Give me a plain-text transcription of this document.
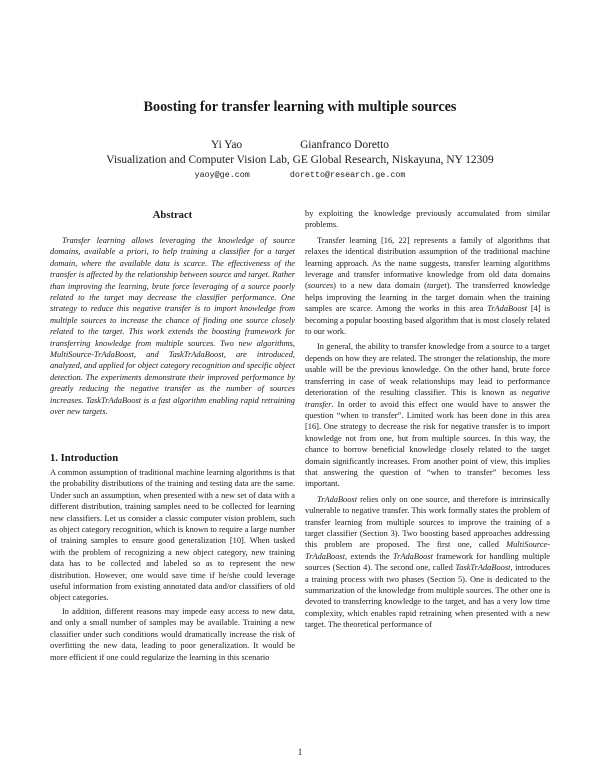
Boosting for transfer learning with multiple sources
Yi Yao	Gianfranco Doretto
Visualization and Computer Vision Lab, GE Global Research, Niskayuna, NY 12309
yaoy@ge.com	doretto@research.ge.com
Abstract

Transfer learning allows leveraging the knowledge of source domains, available a priori, to help training a classifier for a target domain, where the available data is scarce. The effectiveness of the transfer is affected by the relationship between source and target. Rather than improving the learning, brute force leveraging of a source poorly related to the target may decrease the classifier performance. One strategy to reduce this negative transfer is to import knowledge from multiple sources to increase the chance of finding one source closely related to the target. This work extends the boosting framework for transferring knowledge from multiple sources. Two new algorithms, MultiSource-TrAdaBoost, and TaskTrAdaBoost, are introduced, analyzed, and applied for object category recognition and specific object detection. The experiments demonstrate their improved performance by greatly reducing the negative transfer as the number of sources increases. TaskTrAdaBoost is a fast algorithm enabling rapid retraining over new targets.

1. Introduction

A common assumption of traditional machine learning algorithms is that the probability distributions of the training and testing data are the same. Under such an assumption, when presented with a new set of data with a different distribution, training samples need to be collected for learning new classifiers. Let us consider a classic computer vision problem, such as object category recognition, which is known to require a large number of training samples to ensure good generalization [10]. When tasked with the problem of recognizing a new object category, new training data has to be collected and labeled so as to represent the new distribution. However, one would save time if he/she could leverage useful information from existing annotated data and/or classifiers of old object categories.

In addition, different reasons may impede easy access to new data, and only a small number of samples may be available. Training a new classifier under such conditions would dramatically increase the risk of overfitting the new data, leading to poor generalization. It would be more efficient if one could regularize the learning in this scenario

by exploiting the knowledge previously accumulated from similar problems.

Transfer learning [16, 22] represents a family of algorithms that relaxes the identical distribution assumption of the traditional machine learning approach. As the name suggests, transfer learning algorithms leverage and transfer informative knowledge from old data domains (sources) to a new data domain (target). The transferred knowledge helps improving the learning in the target domain when the training samples are scarce. Among the works in this area TrAdaBoost [4] is becoming a popular boosting based algorithm that is most closely related to our work.

In general, the ability to transfer knowledge from a source to a target depends on how they are related. The stronger the relationship, the more usable will be the previous knowledge. On the other hand, brute force transferring in case of weak relationships may lead to performance deterioration of the resulting classifier. This is known as negative transfer. In order to avoid this effect one would have to answer the question “when to transfer”. Limited work has been done in this area [16]. One strategy to decrease the risk for negative transfer is to import knowledge not from one, but from multiple sources. In this way, the chance to borrow beneficial knowledge closely related to the target domain significantly increases. From another point of view, this implies that answering the question of “when to transfer” becomes less important.

TrAdaBoost relies only on one source, and therefore is intrinsically vulnerable to negative transfer. This work formally states the problem of transfer learning from multiple sources to improve the training of a target classifier (Section 3). Two boosting based approaches addressing this problem are proposed. The first one, called MultiSource-TrAdaBoost, extends the TrAdaBoost framework for handling multiple sources (Section 4). The second one, called TaskTrAdaBoost, introduces a training process with two phases (Section 5). One is dedicated to the summarization of the knowledge from multiple sources. The other one is devoted to transferring knowledge to the target, and has a very low time complexity, which enables rapid retraining when presented with a new target. The theoretical performance of

1
